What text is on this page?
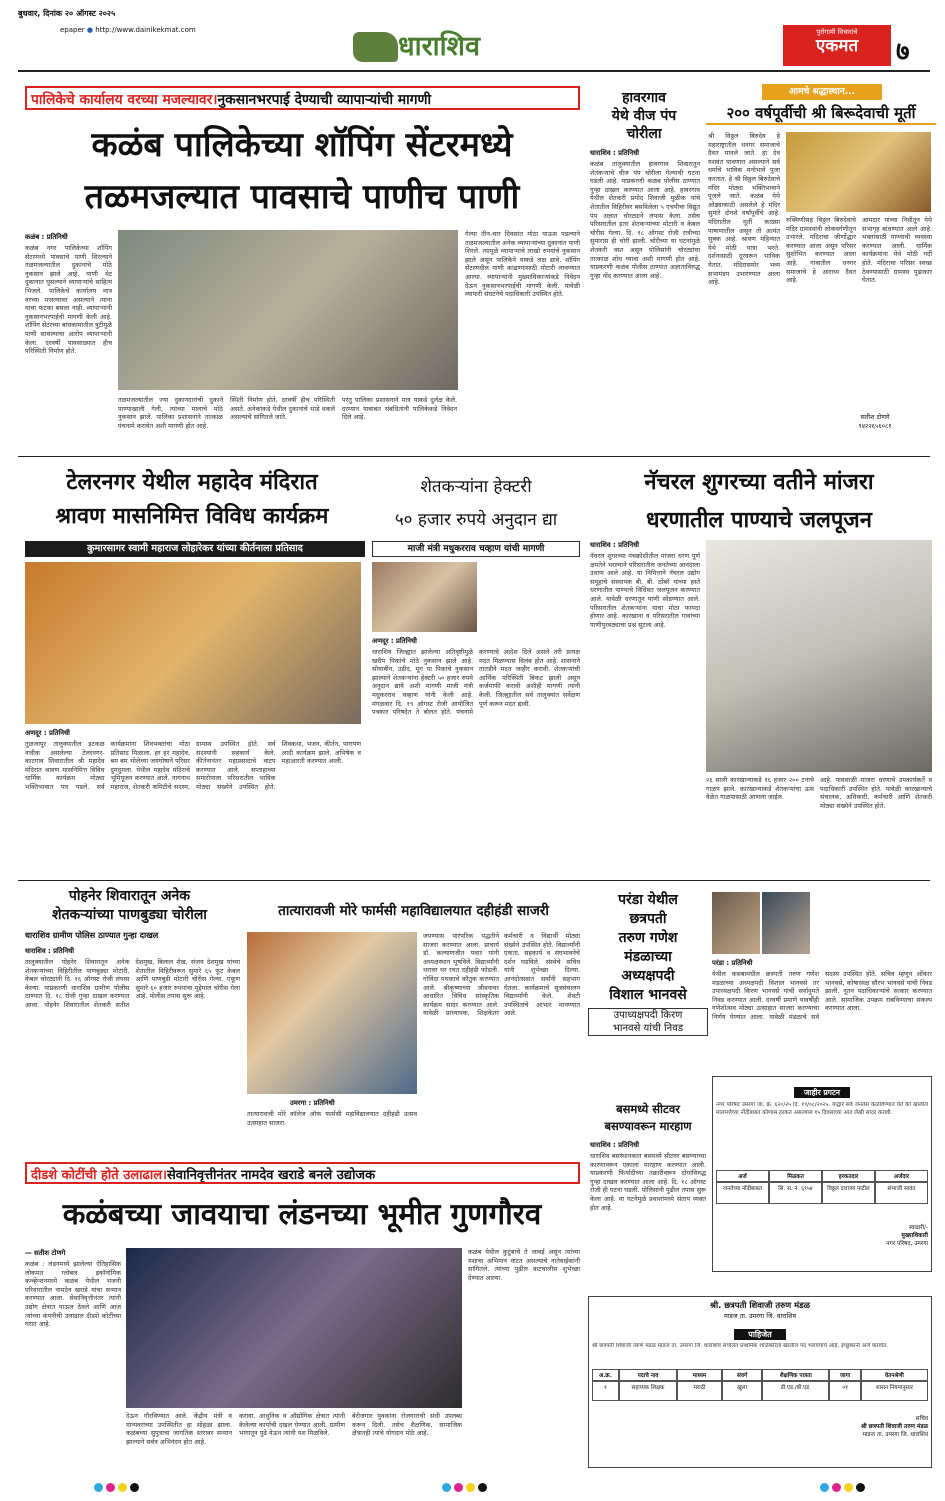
बुधवार, दिनांक २० ऑगस्ट २०२५
epaper ● http://www.dainikekmat.com
धाराशिव	पुरोगामी विचारांचे
एकमत	७
पालिकेचे कार्यालय वरच्या मजल्यावर।नुकसानभरपाई देण्याची व्यापाऱ्यांची मागणी
कळंब पालिकेच्या शॉपिंग सेंटरमध्ये
तळमजल्यात पावसाचे पाणीच पाणी
कळंब : प्रतिनिधी
कळंब नगर पालिकेच्या शॉपिंग सेंटरमध्ये पावसाचे पाणी शिरल्याने तळमजल्यातील दुकानांचे मोठे नुकसान झाले आहे. पाणी थेट दुकानात घुसल्याने व्यापाऱ्यांचे साहित्य भिजले. पालिकेचे कार्यालय मात्र वरच्या मजल्यावर असल्याने त्यांना याचा फटका बसला नाही. व्यापाऱ्यांनी नुकसानभरपाईची मागणी केली आहे. शॉपिंग सेंटरच्या बांधकामातील त्रुटीमुळे पाणी साचल्याचा आरोप व्यापाऱ्यांनी केला. दरवर्षी पावसाळ्यात हीच परिस्थिती निर्माण होते.
तळमजल्यातील ज्या दुकानदारांची दुकाने पाण्याखाली गेली, त्यांच्या मालाचे मोठे नुकसान झाले. पालिका प्रशासनाने तात्काळ पंचनामे करावेत अशी मागणी होत आहे.
स्थिती निर्माण होते, दरवर्षी हीच परिस्थिती असते. अनेकांकडे येथील दुकानांचे भाडे थकले असल्याचे सांगितले जाते.
परंतु पालिका प्रशासनाने मात्र याकडे दुर्लक्ष केले. दरम्यान याबाबत संबंधितांनी पालिकेकडे निवेदन दिले आहे.
गेल्या तीन-चार दिवसांत मोठा पाऊस पडल्याने तळमजल्यातील अनेक व्यापाऱ्यांच्या दुकानांत पाणी शिरले. त्यामुळे व्यापाऱ्यांचे लाखो रुपयांचे नुकसान झाले असून पालिकेने याकडे लक्ष द्यावे. शॉपिंग सेंटरमधील पाणी काढण्यासाठी मोटारी लावण्यात आल्या. व्यापाऱ्यांनी मुख्याधिकाऱ्यांकडे निवेदन देऊन नुकसानभरपाईची मागणी केली. यावेळी व्यापारी संघटनेचे पदाधिकारी उपस्थित होते.
हावरगाव
येथे वीज पंप
चोरीला
धाराशिव : प्रतिनिधी
कळंब तालुक्यातील हावरगाव शिवारातून शेतकऱ्यांचे वीज पंप चोरीला गेल्याची घटना घडली आहे. याप्रकरणी कळंब पोलीस ठाण्यात गुन्हा दाखल करण्यात आला आहे. हावरगाव येथील शेतकरी प्रमोद शिवाजी मुळीक यांचे शेतातील विहिरीवर बसविलेला ५ एचपीचा विद्युत पंप अज्ञात चोरट्याने लंपास केला. तसेच परिसरातील इतर शेतकऱ्यांच्या मोटारी व केबल चोरीस गेल्या. दि. १८ ऑगस्ट रोजी रात्रीच्या सुमारास ही चोरी झाली. चोरीच्या या घटनांमुळे शेतकरी त्रस्त असून पोलिसांनी चोरट्यांचा तात्काळ शोध घ्यावा अशी मागणी होत आहे. याप्रकरणी कळंब पोलीस ठाण्यात अज्ञाताविरुद्ध गुन्हा नोंद करण्यात आला आहे.
आमचे श्रद्धास्थान...
२०० वर्षपूर्वीची श्री बिरूदेवाची मूर्ती
श्री विठ्ठल बिरुदेव हे महाराष्ट्रातील धनगर समाजाचे दैवत मानले जाते. हा देव यशवंत पावणारा असल्याने सर्व धर्माचे भाविक मनोभावे पूजा करतात. हे श्री विठ्ठल बिरुदेवाचे मंदिर मोठ्या भक्तिभावाने पूजले जाते. कळंब येथे ओढ्याकाठी असलेले हे मंदिर सुमारे दोनशे वर्षांपूर्वीचे आहे. मंदिरातील मूर्ती काळ्या पाषाणातील असून ती अत्यंत सुबक आहे. श्रावण महिन्यात येथे मोठी यात्रा भरते. दर्शनासाठी दूरवरून भाविक येतात. मंदिरासमोर भव्य सभामंडप उभारण्यात आला आहे.
रुक्मिणीसह विठ्ठल बिरुदेवाचे मंदिर ग्रामस्थांनी लोकवर्गणीतून उभारले. मंदिराचा जीर्णोद्धार करण्यात आला असून परिसर सुशोभित करण्यात आला आहे. गावातील धनगर समाजाचे हे आराध्य दैवत आहे.
आमदार यांच्या निधीतून येथे सभागृह बांधण्यात आले आहे. भक्तांसाठी पाण्याची व्यवस्था करण्यात आली. धार्मिक कार्यक्रमांना येथे मोठी गर्दी होते. मंदिराचा परिसर स्वच्छ ठेवण्यासाठी ग्रामस्थ पुढाकार घेतात.
सतीश टोणगे
९४२२६५६०८१
टेलरनगर येथील महादेव मंदिरात
श्रावण मासनिमित्त विविध कार्यक्रम
कुमारसागर स्वामी महाराज लोहारेकर यांच्या कीर्तनाला प्रतिसाद
अणदूर : प्रतिनिधी
तुळजापूर तालुक्यातील इटकळ नजीक असलेल्या टेलरनगर-काटगाव शिवारातील श्री महादेव मंदिरात श्रावण मासनिमित्त विविध धार्मिक कार्यक्रम मोठ्या भक्तिभावात पार पडले. सर्व कार्यक्रमांना शिवभक्तांचा मोठा प्रतिसाद मिळाला. हर हर महादेव, बम बम भोलेच्या जयघोषाने परिसर दुमदुमला. येथील महादेव मंदिराचे भूमिपूजन करण्यात आले. नागनाथ महाराज, शेतकरी कमिटीचे सदस्य, ग्रामस्थ उपस्थित होते. सर्व सदस्यांनी सहकार्य केले. कीर्तनानंतर महाप्रसादाचे वाटप करण्यात आले. सप्ताहाच्या समारोपाला परिसरातील भाविक मोठ्या संख्येने उपस्थित होते. शिवकथा, भजन, कीर्तन, पारायण आदी कार्यक्रम झाले. अभिषेक व महाआरती करण्यात आली.
शेतकऱ्यांना हेक्टरी
५० हजार रुपये अनुदान द्या
माजी मंत्री मधुकरराव चव्हाण यांची मागणी
अणदूर : प्रतिनिधी
धाराशिव जिल्ह्यात झालेल्या अतिवृष्टीमुळे खरीप पिकांचे मोठे नुकसान झाले आहे. सोयाबीन, उडीद, मूग या पिकांचे नुकसान झाल्याने शेतकऱ्यांना हेक्टरी ५० हजार रुपये अनुदान द्यावे अशी मागणी माजी मंत्री मधुकरराव चव्हाण यांनी केली आहे. मंगळवार दि. १९ ऑगस्ट रोजी आयोजित पत्रकार परिषदेत ते बोलत होते. पंचनामे करण्याचे आदेश दिले असले तरी प्रत्यक्ष मदत मिळण्यास विलंब होत आहे. शासनाने तातडीने मदत जाहीर करावी. शेतकऱ्यांची आर्थिक परिस्थिती बिकट झाली असून कर्जमाफी करावी अशीही मागणी त्यांनी केली. जिल्ह्यातील सर्व तालुक्यांत सर्वेक्षण पूर्ण करून मदत द्यावी.
नॅचरल शुगरच्या वतीने मांजरा
धरणातील पाण्याचे जलपूजन
धाराशिव : प्रतिनिधी
नॅचरल शुगरच्या पंचक्रोशीतील मांजरा धरण पूर्ण क्षमतेने भरल्याने परिसरातील जनतेच्या आनंदाला उधाण आले आहे. या निमित्ताने नॅचरल उद्योग समूहाचे संस्थापक बी. बी. ठोंबरे यांच्या हस्ते धरणातील पाण्याचे विधिवत जलपूजन करण्यात आले. यावेळी धरणातून पाणी सोडण्यात आले. परिसरातील शेतकऱ्यांना याचा मोठा फायदा होणार आहे. कारखाना व परिसरातील गावांच्या पाणीपुरवठ्याचा प्रश्न सुटला आहे.
२६ साली कारखान्याकडे १६ हजार २०० टनाचे गाळप झाले. कारखान्याकडे शेतकऱ्यांचा ऊस वेळेत गाळपासाठी आणला जाईल.
आहे. पावसाळी मांजरा धरणाचे उपकार्यकर्ते व पदाधिकारी उपस्थित होते. यावेळी कारखान्याचे संचालक, अधिकारी, कर्मचारी आणि शेतकरी मोठ्या संख्येने उपस्थित होते.
पोहनेर शिवारातून अनेक
शेतकऱ्यांच्या पाणबुड्या चोरीला
धाराशिव ग्रामीण पोलिस ठाण्यात गुन्हा दाखल
धाराशिव : प्रतिनिधी
तालुक्यातील पोहनेर शिवारातून अनेक शेतकऱ्यांच्या विहिरीतील पाणबुड्या मोटारी, केबल चोरट्यांनी दि. १६ ऑगस्ट रोजी लंपास केल्या. याप्रकरणी धाराशिव ग्रामीण पोलीस ठाण्यात दि. १८ रोजी गुन्हा दाखल करण्यात आला. पोहनेर शिवारातील शेतकरी सतीश देशमुख, बिलाल शेख, संजय देशमुख यांच्या शेतातील विहिरीवरून सुमारे ६५ फूट केबल आणि पाणबुडी मोटारी चोरीस गेल्या. एकूण सुमारे ६० हजार रुपयांचा मुद्देमाल चोरीस गेला आहे. पोलीस तपास सुरू आहे.
तात्यारावजी मोरे फार्मसी महाविद्यालयात दहीहंडी साजरी
उमरगा : प्रतिनिधी
तात्यारावजी मोरे कॉलेज ऑफ फार्मसी महाविद्यालयात दहीहंडी उत्सव उत्साहात साजरा.
जपण्यास पारंपरिक पद्धतीने साजरा करण्यात आला. प्राचार्य डॉ. कल्याणजीत पवार यांनी अध्यक्षस्थान भूषविले. विद्यार्थ्यांनी थरावर थर रचत दहीहंडी फोडली. गोविंदा पथकाचे कौतुक करण्यात आले. श्रीकृष्णाच्या जीवनावर आधारित विविध सांस्कृतिक कार्यक्रम सादर करण्यात आले. यावेळी प्राध्यापक, शिक्षकेतर कर्मचारी व विद्यार्थी मोठ्या संख्येने उपस्थित होते. विद्यार्थ्यांनी एकता, सहकार्य व संघभावनेचे दर्शन घडविले. संस्थेचे सचिव यांनी शुभेच्छा दिल्या. आनंदोत्सवात सर्वांनी सहभाग घेतला. कार्यक्रमाचे सूत्रसंचालन विद्यार्थ्यांनी केले. शेवटी उपस्थितांचे आभार मानण्यात आले.
परंडा येथील
छत्रपती
तरुण गणेश
मंडळाच्या
अध्यक्षपदी
विशाल भानवसे
उपाध्यक्षपदी किरण
भानवसे यांची निवड
परंडा : प्रतिनिधी
येथील कसबामधील छत्रपती तरुण गणेश मंडळाच्या अध्यक्षपदी विशाल भानवसे तर उपाध्यक्षपदी किरण भानवसे यांची सर्वानुमते निवड करण्यात आली. दरवर्षी प्रमाणे यावर्षीही गणेशोत्सव मोठ्या उत्साहात साजरा करण्याचा निर्णय घेण्यात आला. यावेळी मंडळाचे सर्व सदस्य उपस्थित होते. सचिव म्हणून ओंकार भानवसे, कोषाध्यक्ष सौरभ भानवसे यांची निवड झाली. नूतन पदाधिकाऱ्यांचे सत्कार करण्यात आले. सामाजिक उपक्रम राबविण्याचा संकल्प करण्यात आला.
बसमध्ये सीटवर
बसण्यावरून मारहाण
धाराशिव : प्रतिनिधी
धाराशिव बसस्थानकात बसमध्ये सीटवर बसण्याच्या कारणावरून एकाला मारहाण करण्यात आली. याप्रकरणी फिर्यादीच्या तक्रारीवरून दोघांविरुद्ध गुन्हा दाखल करण्यात आला आहे. दि. १८ ऑगस्ट रोजी ही घटना घडली. पोलिसांनी पुढील तपास सुरू केला आहे. या घटनेमुळे प्रवाशांमध्ये संताप व्यक्त होत आहे.
जाहीर प्रगटन
नगर परिषद उमरगा जा. क्र. ६२०/२५ दि. १९/०८/२०२५. याद्वारे सर्व जनतेस कळविण्यात येते की खालील मालमत्तेच्या नोंदीबाबत कोणास हरकत असल्यास १५ दिवसांच्या आत लेखी सादर करावी.
अर्ज	मिळकत	हरकतदार	अर्जदार
जनतेच्या नोंदीबाबत	सि. स. नं. ६९५४	विठ्ठल दत्तात्रय पाटील	संभाजी सावंत
स्वाक्षरी/-
मुख्याधिकारी
नगर परिषद, उमरगा
दीडशे कोटींची होते उलाढाल।सेवानिवृत्तीनंतर नामदेव खराडे बनले उद्योजक
कळंबच्या जावयाचा लंडनच्या भूमीत गुणगौरव
— सतीश टोणगे
कळंब : लंडनमध्ये झालेल्या ऐतिहासिक लोकमत ग्लोबल इकॉनॉमिक कन्व्हेन्शनमध्ये कळंब येथील भजनी परिवारातील नामदेव खराडे यांचा सन्मान करण्यात आला. सेवानिवृत्तीनंतर त्यांनी उद्योग क्षेत्रात पाऊल ठेवले आणि आज त्यांच्या कंपनीची उलाढाल दीडशे कोटींच्या घरात आहे.
देऊन गौरविण्यात आले. केंद्रीय मंत्री व मान्यवरांच्या उपस्थितीत हा सोहळा झाला. कळंबच्या सुपुत्राचा जागतिक स्तरावर सन्मान झाल्याने सर्वत्र अभिनंदन होत आहे.
करावा, आधुनिक व औद्योगिक क्षेत्रात त्यांनी केलेल्या कार्याची दखल घेण्यात आली. ग्रामीण भागातून पुढे येऊन त्यांनी यश मिळविले.
बेरोजगार युवकांना रोजगाराची संधी उपलब्ध करून दिली. तसेच शैक्षणिक, सामाजिक क्षेत्रातही त्यांचे योगदान मोठे आहे.
कळंब येथील कुटुंबाचे ते जावई असून त्यांच्या यशाचा अभिमान वाटत असल्याचे नातेवाईकांनी सांगितले. त्यांच्या पुढील वाटचालीस शुभेच्छा देण्यात आल्या.
श्री. छत्रपती शिवाजी तरुण मंडळ
माडज ता. उमरगा जि. धाराशिव
पाहिजेत
श्री छत्रपती शिवाजी तरुण मंडळ माडज ता. उमरगा जि. धाराशिव संचलित प्राथमिक शाळेकरिता खालील पद भरावयाचे आहे. इच्छुकांनी अर्ज करावेत.
अ.क्र.	पदाचे नाव	माध्यम	संवर्ग	शैक्षणिक पात्रता	जागा	वेतनश्रेणी
१	सहाय्यक शिक्षक	मराठी	खुला	डी.एड./बी.एड.	०१	शासन नियमानुसार
सचिव
श्री छत्रपती शिवाजी तरुण मंडळ
माडज ता. उमरगा जि. धाराशिव
